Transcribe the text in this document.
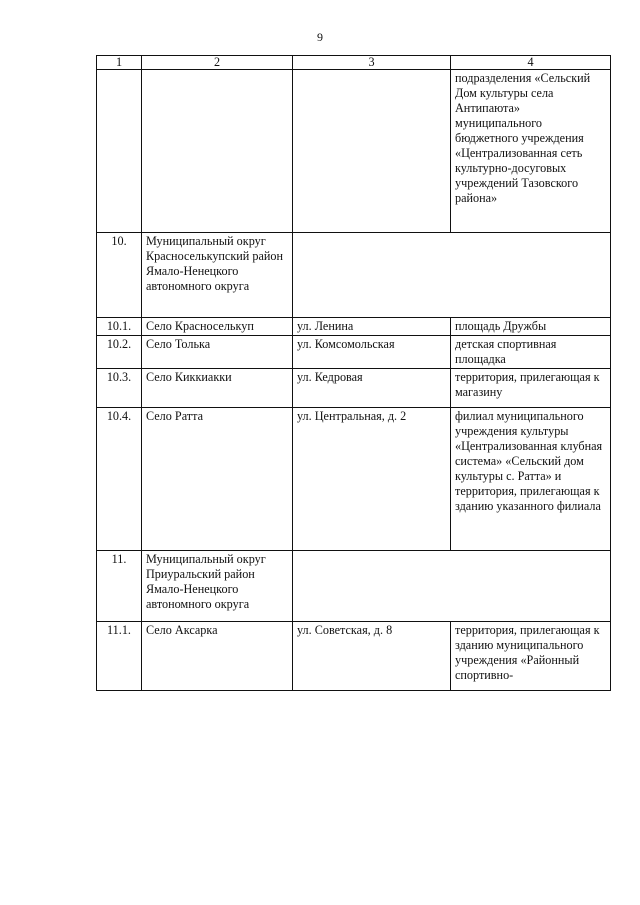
9
1	2	3	4
			подразделения «Сельский Дом культуры села Антипаюта» муниципального бюджетного учреждения «Централизованная сеть культурно-досуговых учреждений Тазовского района»
10.	Муниципальный округ Красноселькупский район Ямало-Ненецкого автономного округа		
10.1.	Село Красноселькуп	ул. Ленина	площадь Дружбы
10.2.	Село Толька	ул. Комсомольская	детская спортивная площадка
10.3.	Село Киккиакки	ул. Кедровая	территория, прилегающая к магазину
10.4.	Село Ратта	ул. Центральная, д. 2	филиал муниципального учреждения культуры «Централизованная клубная система» «Сельский дом культуры с. Ратта» и территория, прилегающая к зданию указанного филиала
11.	Муниципальный округ Приуральский район Ямало-Ненецкого автономного округа		
11.1.	Село Аксарка	ул. Советская, д. 8	территория, прилегающая к зданию муниципального учреждения «Районный спортивно-
